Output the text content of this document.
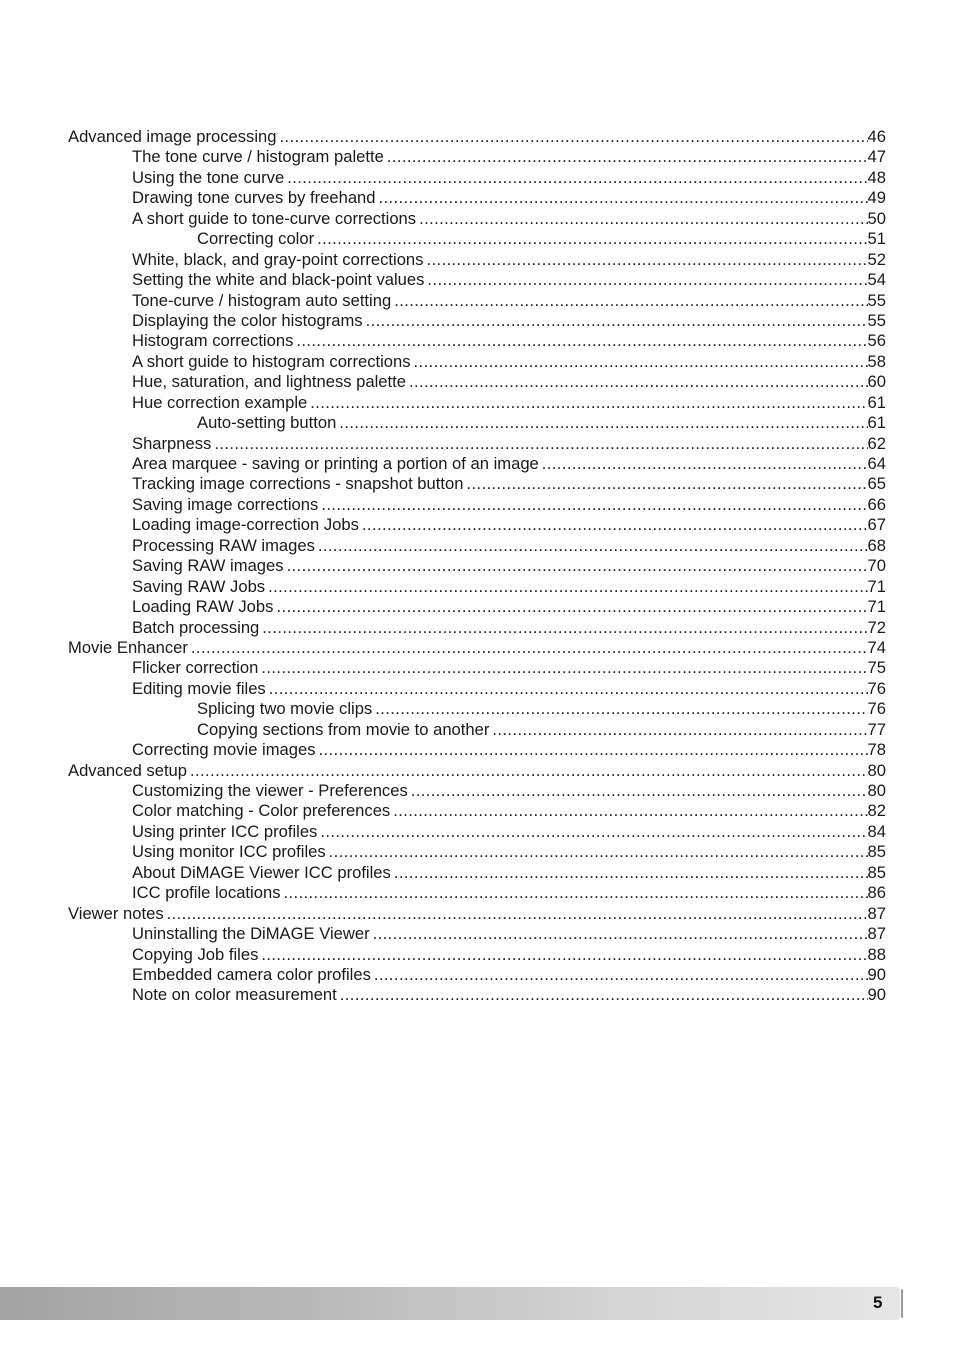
Advanced image processing .....	46
The tone curve / histogram palette .....	47
Using the tone curve .....	48
Drawing tone curves by freehand .....	49
A short guide to tone-curve corrections .....	50
Correcting color .....	51
White, black, and gray-point corrections .....	52
Setting the white and black-point values .....	54
Tone-curve / histogram auto setting .....	55
Displaying the color histograms .....	55
Histogram corrections .....	56
A short guide to histogram corrections .....	58
Hue, saturation, and lightness palette .....	60
Hue correction example .....	61
Auto-setting button .....	61
Sharpness .....	62
Area marquee - saving or printing a portion of an image .....	64
Tracking image corrections - snapshot button .....	65
Saving image corrections .....	66
Loading image-correction Jobs .....	67
Processing RAW images .....	68
Saving RAW images .....	70
Saving RAW Jobs .....	71
Loading RAW Jobs .....	71
Batch processing .....	72
Movie Enhancer .....	74
Flicker correction .....	75
Editing movie files .....	76
Splicing two movie clips .....	76
Copying sections from movie to another .....	77
Correcting movie images .....	78
Advanced setup .....	80
Customizing the viewer - Preferences .....	80
Color matching - Color preferences .....	82
Using printer ICC profiles .....	84
Using monitor ICC profiles .....	85
About DiMAGE Viewer ICC profiles .....	85
ICC profile locations .....	86
Viewer notes .....	87
Uninstalling the DiMAGE Viewer .....	87
Copying Job files .....	88
Embedded camera color profiles .....	90
Note on color measurement .....	90
5
